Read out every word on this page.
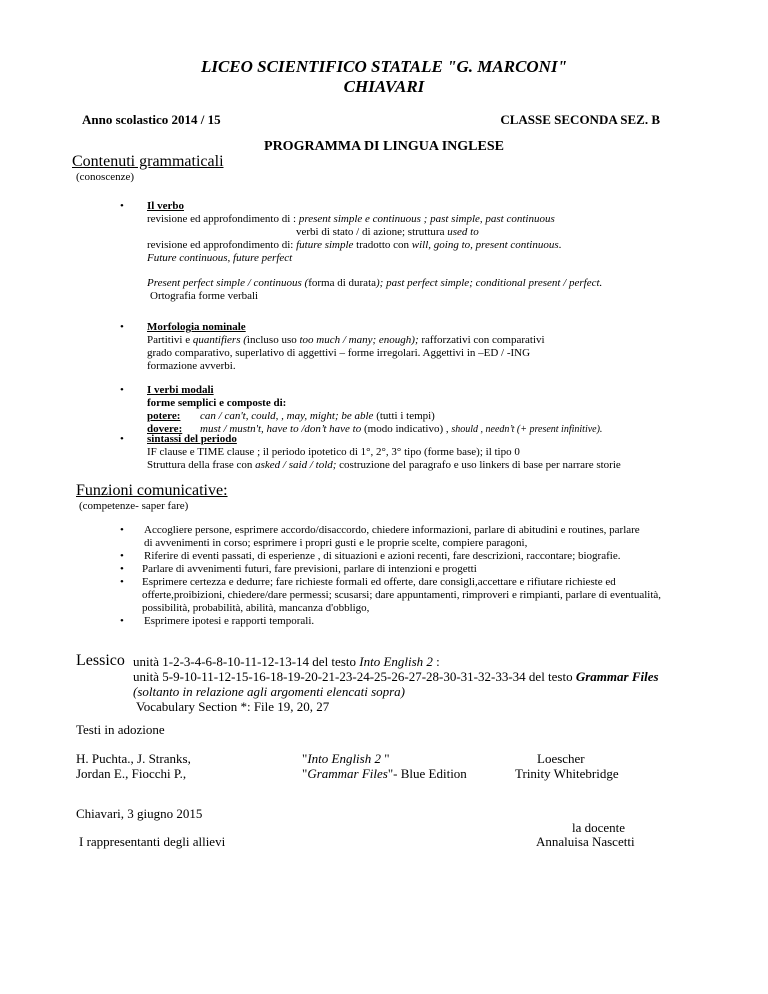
LICEO SCIENTIFICO STATALE "G. MARCONI"
CHIAVARI
Anno scolastico 2014 / 15	CLASSE SECONDA SEZ. B
PROGRAMMA DI LINGUA INGLESE
Contenuti grammaticali
(conoscenze)
• Il verbo
revisione ed approfondimento di : present simple e continuous ; past simple, past continuous
verbi di stato / di azione; struttura used to
revisione ed approfondimento di: future simple tradotto con will, going to, present continuous.
Future continuous, future perfect
Present perfect simple / continuous (forma di durata); past perfect simple; conditional present / perfect.
Ortografia forme verbali
• Morfologia nominale
Partitivi e quantifiers (incluso uso too much / many; enough); rafforzativi con comparativi
grado comparativo, superlativo di aggettivi – forme irregolari. Aggettivi in –ED / -ING
formazione avverbi.
• I verbi modali
forme semplici e composte di:
potere: can / can't, could, , may, might; be able (tutti i tempi)
dovere: must / mustn't, have to /don’t have to (modo indicativo) , should , needn’t (+ present infinitive).
• sintassi del periodo
IF clause e TIME clause ; il periodo ipotetico di 1°, 2°, 3° tipo (forme base); il tipo 0
Struttura della frase con asked / said / told; costruzione del paragrafo e uso linkers di base per narrare storie
Funzioni comunicative:
(competenze- saper fare)
• Accogliere persone, esprimere accordo/disaccordo, chiedere informazioni, parlare di abitudini e routines, parlare
di avvenimenti in corso; esprimere i propri gusti e le proprie scelte, compiere paragoni,
• Riferire di eventi passati, di esperienze , di situazioni e azioni recenti, fare descrizioni, raccontare; biografie.
• Parlare di avvenimenti futuri, fare previsioni, parlare di intenzioni e progetti
• Esprimere certezza e dedurre; fare richieste formali ed offerte, dare consigli,accettare e rifiutare richieste ed
offerte,proibizioni, chiedere/dare permessi; scusarsi; dare appuntamenti, rimproveri e rimpianti, parlare di eventualità,
possibilità, probabilità, abilità, mancanza d'obbligo,
• Esprimere ipotesi e rapporti temporali.
Lessico unità 1-2-3-4-6-8-10-11-12-13-14 del testo Into English 2 :
unità 5-9-10-11-12-15-16-18-19-20-21-23-24-25-26-27-28-30-31-32-33-34 del testo Grammar Files
(soltanto in relazione agli argomenti elencati sopra)
Vocabulary Section *: File 19, 20, 27
Testi in adozione
H. Puchta., J. Stranks,	"Into English 2 "	Loescher
Jordan E., Fiocchi P.,	"Grammar Files"- Blue Edition	Trinity Whitebridge
Chiavari, 3 giugno 2015
la docente
I rappresentanti degli allievi	Annaluisa Nascetti
